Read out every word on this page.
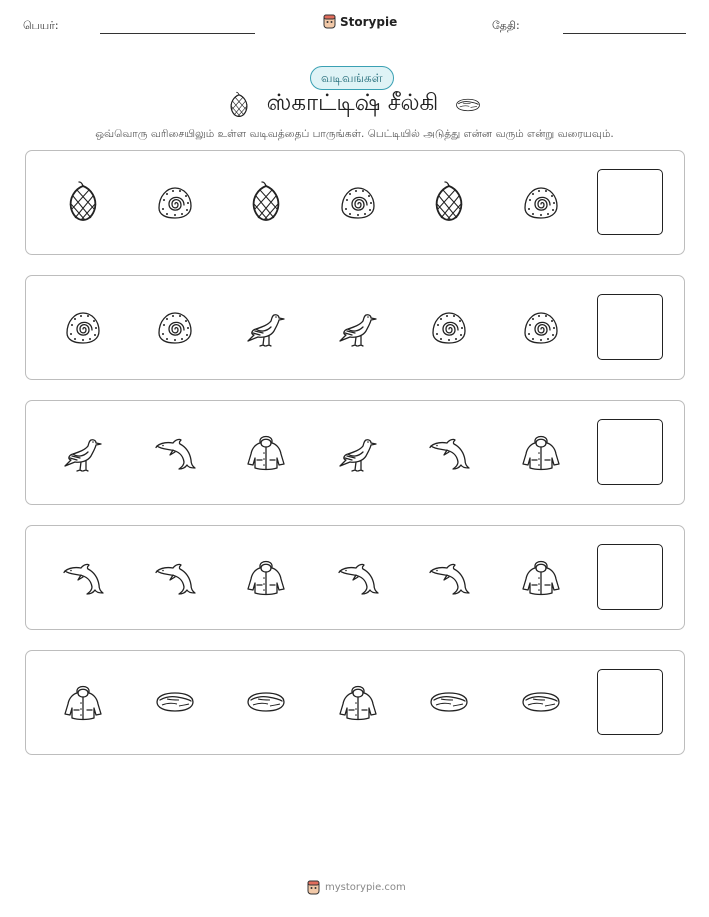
பெயர்:	Storypie	தேதி:
வடிவங்கள்
ஸ்காட்டிஷ் சீல்கி
ஒவ்வொரு வரிசையிலும் உள்ள வடிவத்தைப் பாருங்கள். பெட்டியில் அடுத்து என்ன வரும் என்று வரையவும்.
mystorypie.com
